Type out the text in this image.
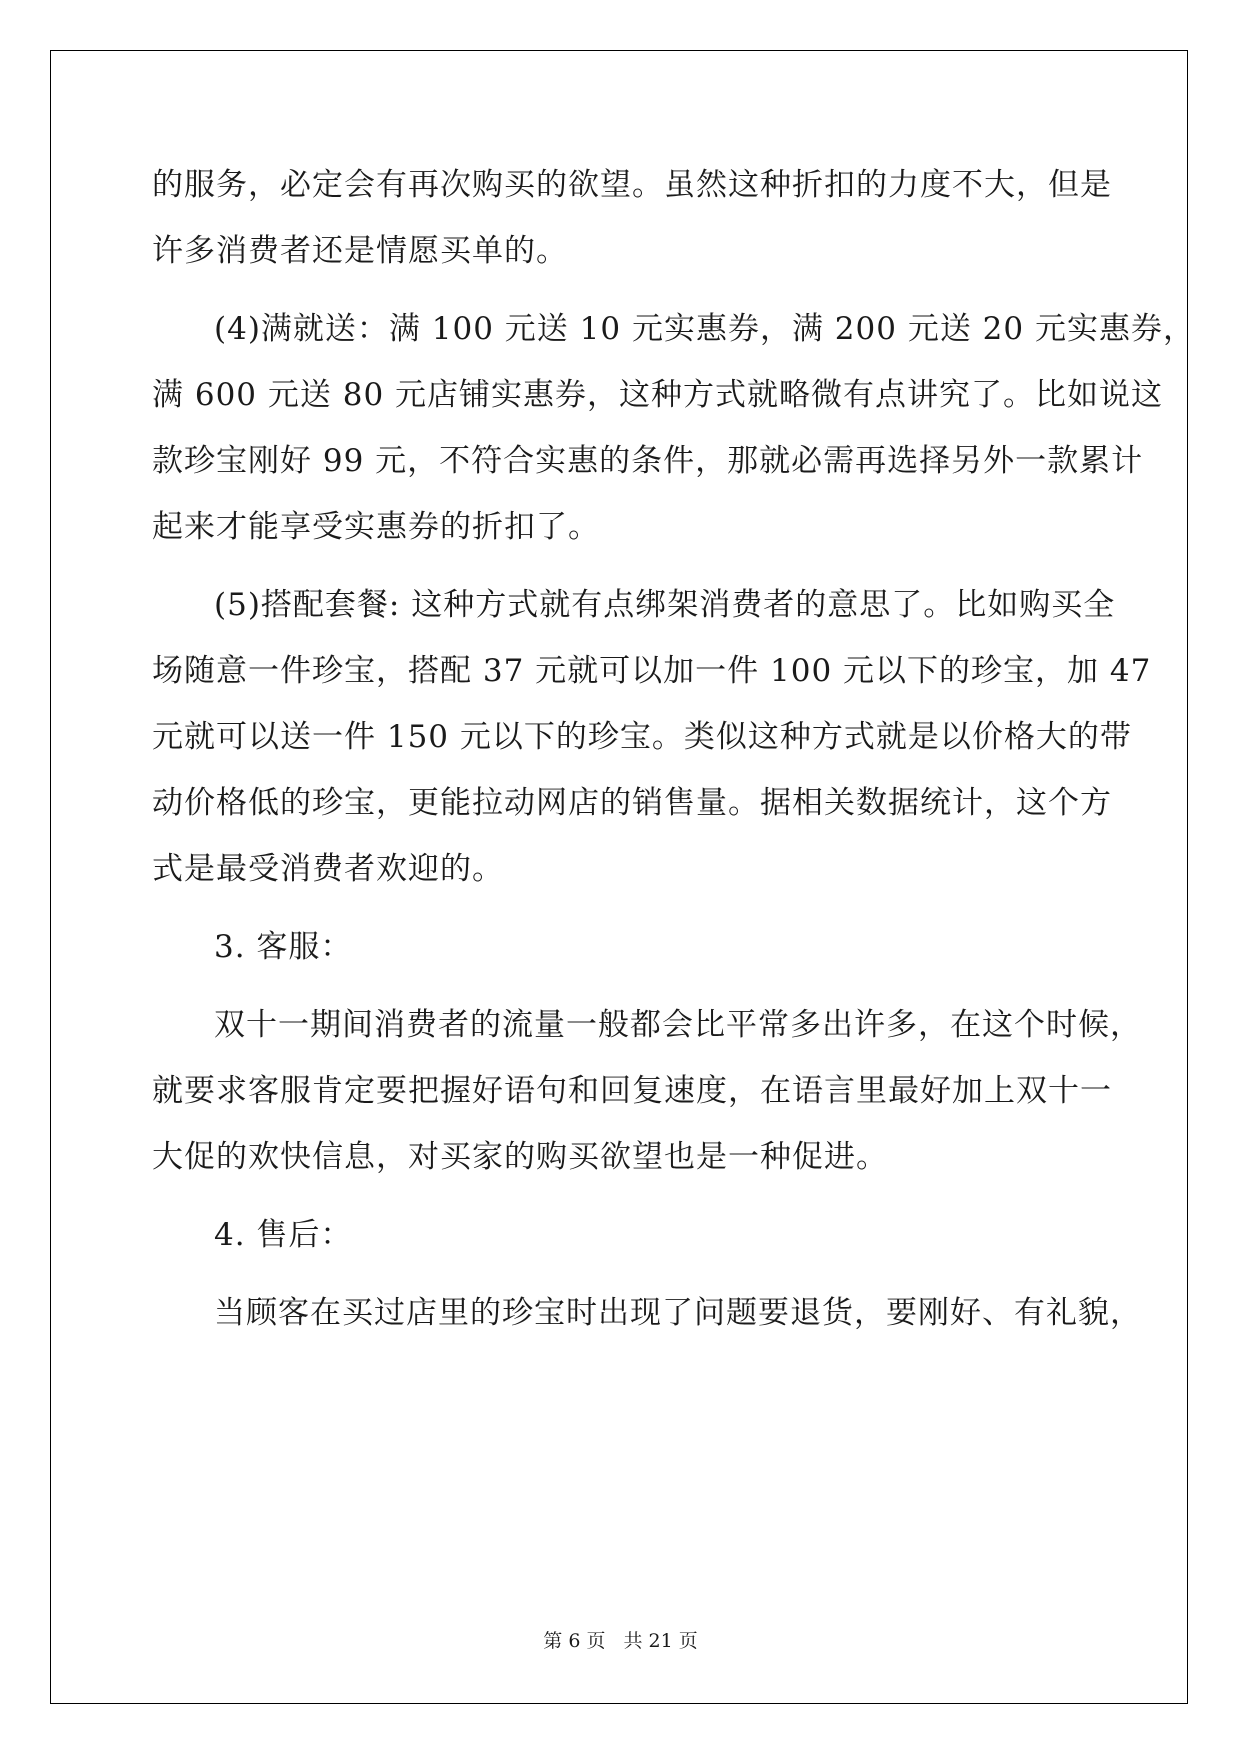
的服务，必定会有再次购买的欲望。虽然这种折扣的力度不大，但是
许多消费者还是情愿买单的。
(4)满就送：满 100 元送 10 元实惠券，满 200 元送 20 元实惠券，
满 600 元送 80 元店铺实惠券，这种方式就略微有点讲究了。比如说这
款珍宝刚好 99 元，不符合实惠的条件，那就必需再选择另外一款累计
起来才能享受实惠券的折扣了。
(5)搭配套餐: 这种方式就有点绑架消费者的意思了。比如购买全
场随意一件珍宝，搭配 37 元就可以加一件 100 元以下的珍宝，加 47
元就可以送一件 150 元以下的珍宝。类似这种方式就是以价格大的带
动价格低的珍宝，更能拉动网店的销售量。据相关数据统计，这个方
式是最受消费者欢迎的。
3. 客服：
双十一期间消费者的流量一般都会比平常多出许多，在这个时候，
就要求客服肯定要把握好语句和回复速度，在语言里最好加上双十一
大促的欢快信息，对买家的购买欲望也是一种促进。
4. 售后：
当顾客在买过店里的珍宝时出现了问题要退货，要刚好、有礼貌，
第 6 页 共 21 页
